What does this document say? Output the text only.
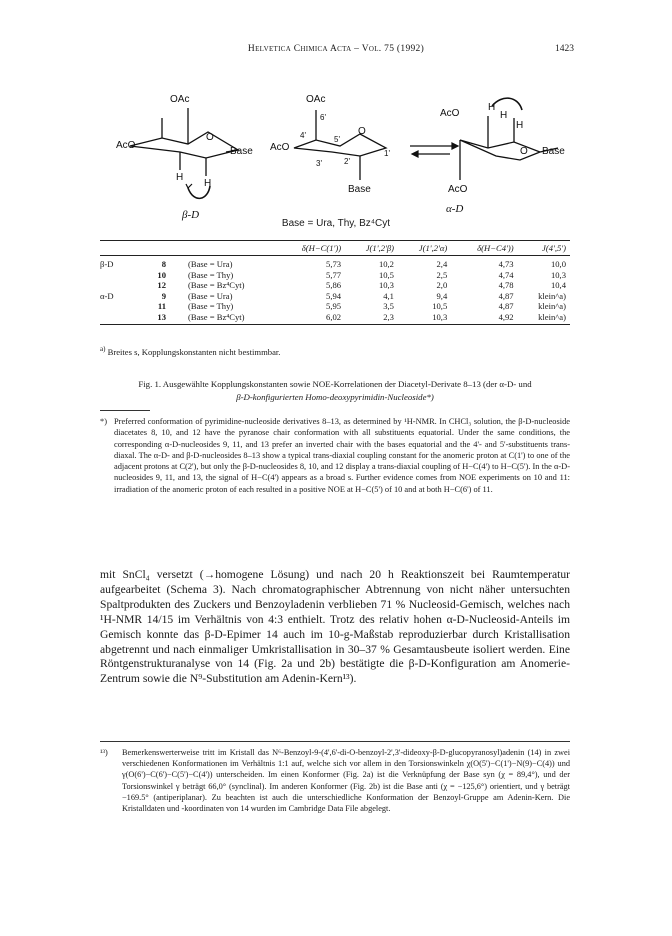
Helvetica Chimica Acta – Vol. 75 (1992)	1423
OAc
AcO
O
Base
H
H
β-D
OAc
6'
4'	5'
O
1'
2'
3'
AcO
Base
AcO
H
H
H
O Base
AcO
α-D
Base = Ura, Thy, Bz⁴Cyt
			δ(H−C(1'))	J(1',2'β)	J(1',2'α)	δ(H−C4'))	J(4',5')
β-D	8	(Base = Ura)	5,73	10,2	2,4	4,73	10,0
	10	(Base = Thy)	5,77	10,5	2,5	4,74	10,3
	12	(Base = Bz⁴Cyt)	5,86	10,3	2,0	4,78	10,4
α-D	9	(Base = Ura)	5,94	4,1	9,4	4,87	klein^a)
	11	(Base = Thy)	5,95	3,5	10,5	4,87	klein^a)
	13	(Base = Bz⁴Cyt)	6,02	2,3	10,3	4,92	klein^a)
$^{a)}$ Breites s, Kopplungskonstanten nicht bestimmbar.
Fig. 1. Ausgewählte Kopplungskonstanten sowie NOE-Korrelationen der Diacetyl-Derivate 8–13 (der α-D- und
β-D-konfigurierten Homo-deoxypyrimidin-Nucleoside*)
*) Preferred conformation of pyrimidine-nucleoside derivatives 8–13, as determined by ¹H-NMR. In CHCl₃ solution, the β-D-nucleoside diacetates 8, 10, and 12 have the pyranose chair conformation with all substituents equatorial. Under the same conditions, the corresponding α-D-nucleosides 9, 11, and 13 prefer an inverted chair with the bases equatorial and the 4'- and 5'-substituents trans-diaxal. The α-D- and β-D-nucleosides 8–13 show a typical trans-diaxial coupling constant for the anomeric proton at C(1') to one of the adjacent protons at C(2'), but only the β-D-nucleosides 8, 10, and 12 display a trans-diaxial coupling of H−C(4') to H−C(5'). In the α-D-nucleosides 9, 11, and 13, the signal of H−C(4') appears as a broad s. Further evidence comes from NOE experiments on 10 and 11: irradiation of the anomeric proton of each resulted in a positive NOE at H−C(5') of 10 and at both H−C(6') of 11.
mit SnCl₄ versetzt (→homogene Lösung) und nach 20 h Reaktionszeit bei Raumtemperatur aufgearbeitet (Schema 3). Nach chromatographischer Abtrennung von nicht näher untersuchten Spaltprodukten des Zuckers und Benzoyladenin verblieben 71 % Nucleosid-Gemisch, welches nach ¹H-NMR 14/15 im Verhältnis von 4:3 enthielt. Trotz des relativ hohen α-D-Nucleosid-Anteils im Gemisch konnte das β-D-Epimer 14 auch im 10-g-Maßstab reproduzierbar durch Kristallisation abgetrennt und nach einmaliger Umkristallisation in 30–37 % Gesamtausbeute isoliert werden. Eine Röntgenstrukturanalyse von 14 (Fig. 2a und 2b) bestätigte die β-D-Konfiguration am Anomerie-Zentrum sowie die N⁹-Substitution am Adenin-Kern¹³).
¹³) Bemerkenswerterweise tritt im Kristall das N⁶-Benzoyl-9-(4',6'-di-O-benzoyl-2',3'-dideoxy-β-D-glucopyranosyl)adenin (14) in zwei verschiedenen Konformationen im Verhältnis 1:1 auf, welche sich vor allem in den Torsionswinkeln χ(O(5')−C(1')−N(9)−C(4)) und γ(O(6')−C(6')−C(5')−C(4')) unterscheiden. Im einen Konformer (Fig. 2a) ist die Verknüpfung der Base syn (χ = 89,4°), und der Torsionswinkel γ beträgt 66,0° (synclinal). Im anderen Konformer (Fig. 2b) ist die Base anti (χ = −125,6°) orientiert, und γ beträgt −169.5° (antiperiplanar). Zu beachten ist auch die unterschiedliche Konformation der Benzoyl-Gruppe am Adenin-Kern. Die Kristalldaten und -koordinaten von 14 wurden im Cambridge Data File abgelegt.
